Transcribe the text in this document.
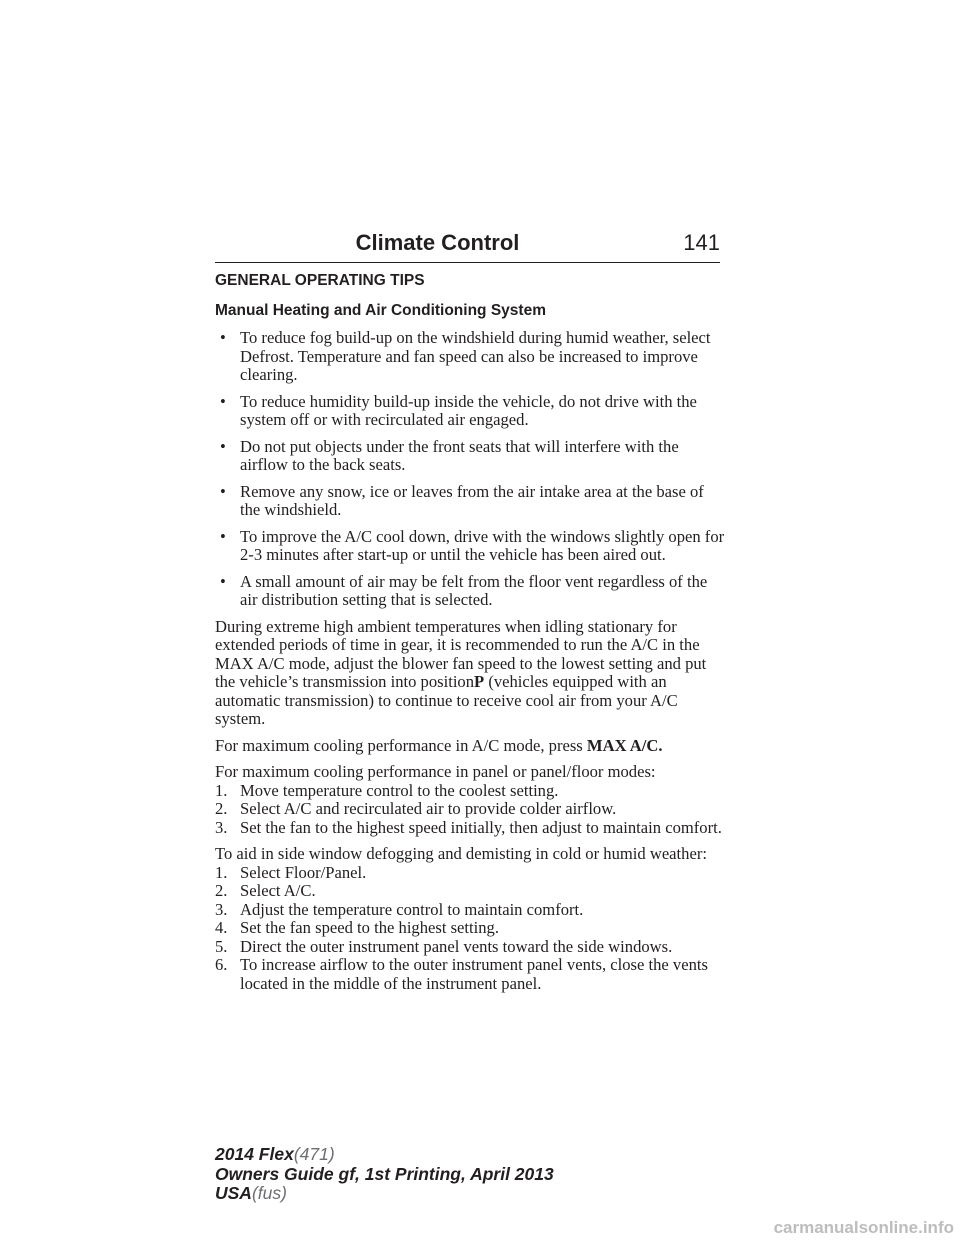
Climate Control	141
GENERAL OPERATING TIPS
Manual Heating and Air Conditioning System
• To reduce fog build-up on the windshield during humid weather, select Defrost. Temperature and fan speed can also be increased to improve clearing.
• To reduce humidity build-up inside the vehicle, do not drive with the system off or with recirculated air engaged.
• Do not put objects under the front seats that will interfere with the airflow to the back seats.
• Remove any snow, ice or leaves from the air intake area at the base of the windshield.
• To improve the A/C cool down, drive with the windows slightly open for 2-3 minutes after start-up or until the vehicle has been aired out.
• A small amount of air may be felt from the floor vent regardless of the air distribution setting that is selected.

During extreme high ambient temperatures when idling stationary for extended periods of time in gear, it is recommended to run the A/C in the MAX A/C mode, adjust the blower fan speed to the lowest setting and put the vehicle’s transmission into positionP (vehicles equipped with an automatic transmission) to continue to receive cool air from your A/C system.

For maximum cooling performance in A/C mode, press MAX A/C.

For maximum cooling performance in panel or panel/floor modes:

1. Move temperature control to the coolest setting.
2. Select A/C and recirculated air to provide colder airflow.
3. Set the fan to the highest speed initially, then adjust to maintain comfort.

To aid in side window defogging and demisting in cold or humid weather:

1. Select Floor/Panel.
2. Select A/C.
3. Adjust the temperature control to maintain comfort.
4. Set the fan speed to the highest setting.
5. Direct the outer instrument panel vents toward the side windows.
6. To increase airflow to the outer instrument panel vents, close the vents located in the middle of the instrument panel.
2014 Flex(471)
Owners Guide gf, 1st Printing, April 2013
USA(fus)
carmanualsonline.info
